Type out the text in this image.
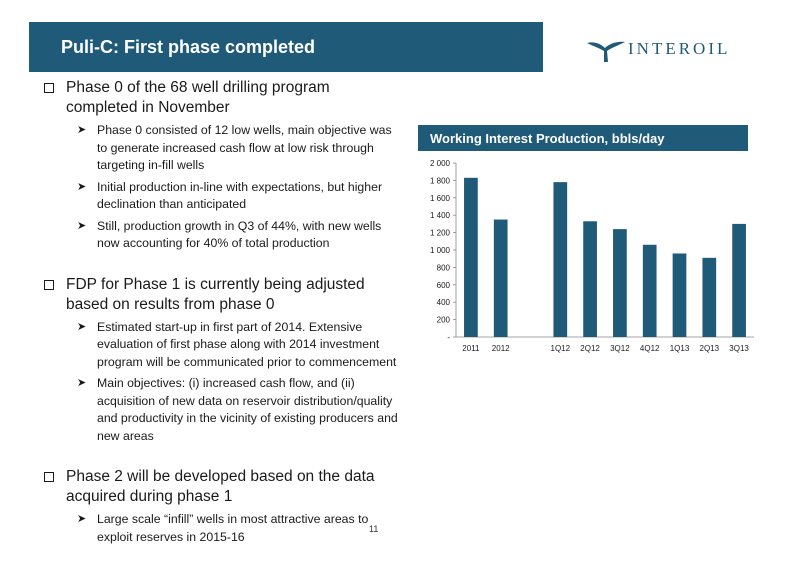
Puli-C: First phase completed	INTEROIL
Phase 0 of the 68 well drilling program completed in November
➤ Phase 0 consisted of 12 low wells, main objective was to generate increased cash flow at low risk through targeting in-fill wells
➤ Initial production in-line with expectations, but higher declination than anticipated
➤ Still, production growth in Q3 of 44%, with new wells now accounting for 40% of total production
FDP for Phase 1 is currently being adjusted based on results from phase 0
➤ Estimated start-up in first part of 2014. Extensive evaluation of first phase along with 2014 investment program will be communicated prior to commencement
➤ Main objectives: (i) increased cash flow, and (ii) acquisition of new data on reservoir distribution/quality and productivity in the vicinity of existing producers and new areas
Phase 2 will be developed based on the data acquired during phase 1
➤ Large scale “infill” wells in most attractive areas to exploit reserves in 2015-16
Working Interest Production, bbls/day
-
200
400
600
800
1 000
1 200
1 400
1 600
1 800
2 000
2011 2012	1Q12 2Q12 3Q12 4Q12 1Q13 2Q13 3Q13
11
